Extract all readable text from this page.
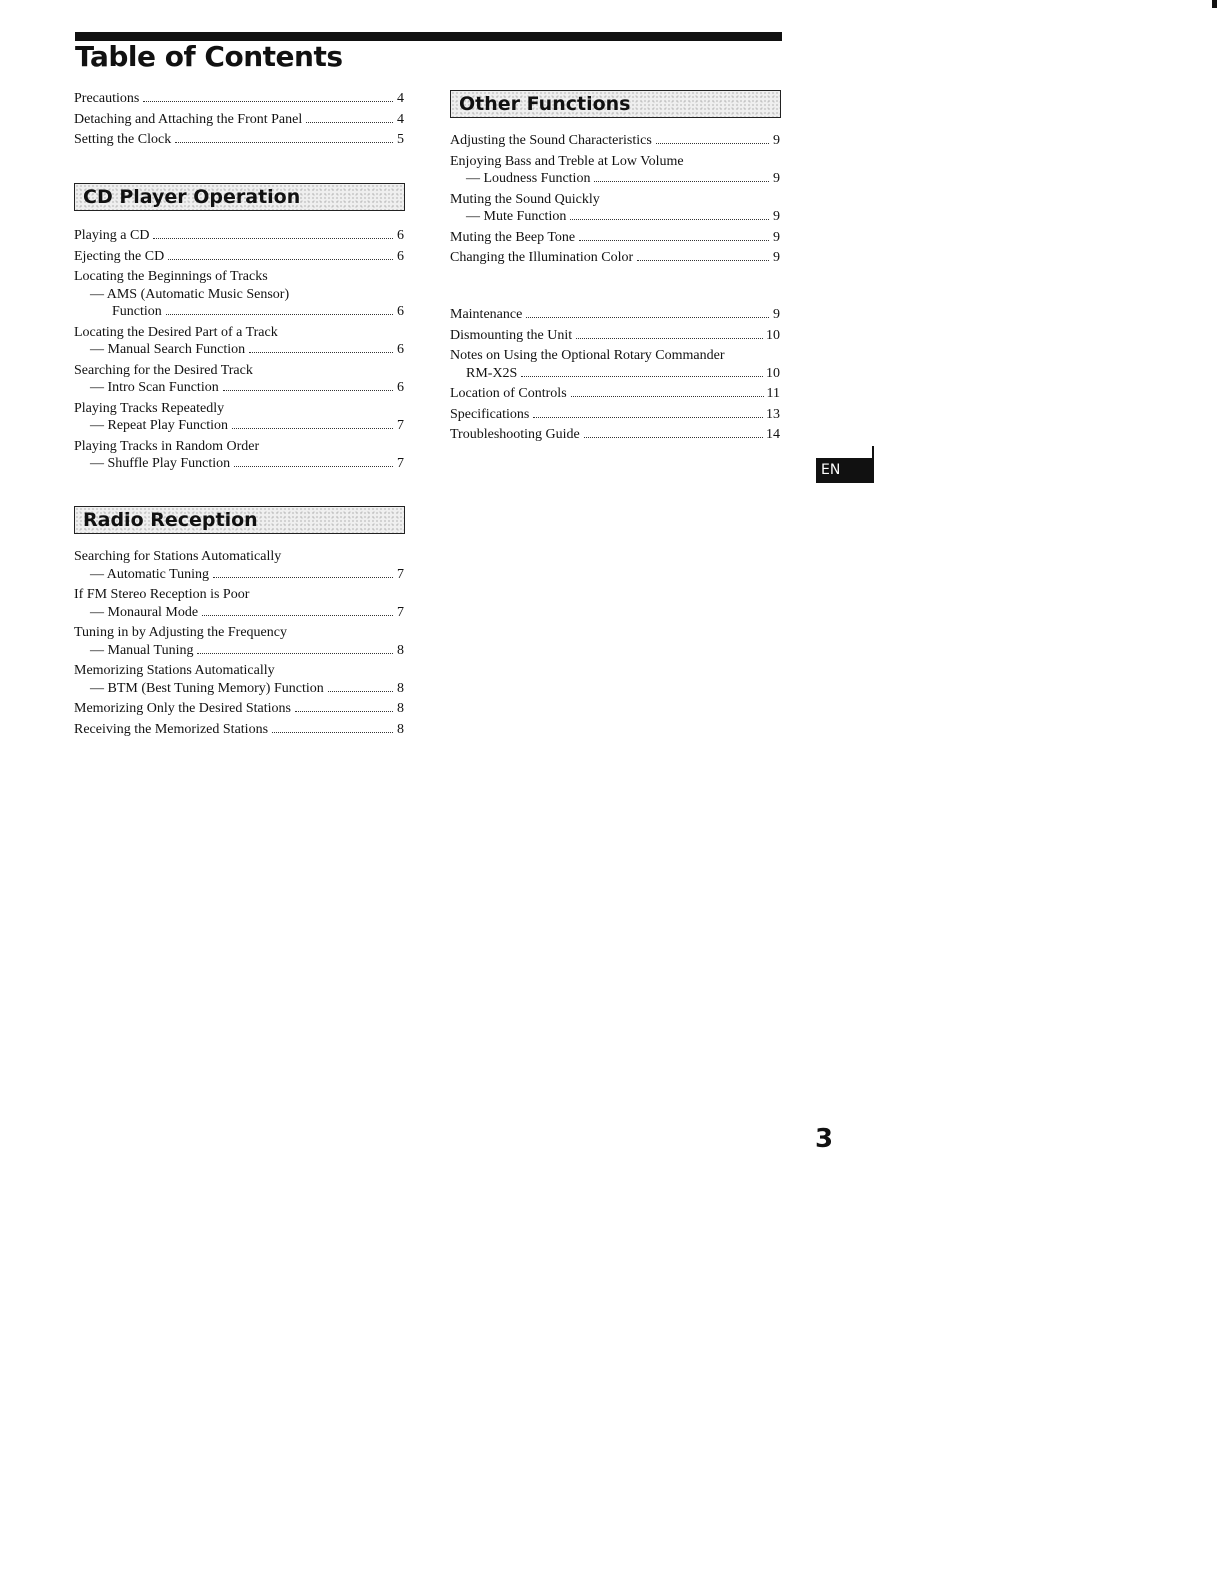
Table of Contents
Precautions	4
Detaching and Attaching the Front Panel	4
Setting the Clock	5
CD Player Operation
Playing a CD	6
Ejecting the CD	6
Locating the Beginnings of Tracks
— AMS (Automatic Music Sensor)
Function	6
Locating the Desired Part of a Track
— Manual Search Function	6
Searching for the Desired Track
— Intro Scan Function	6
Playing Tracks Repeatedly
— Repeat Play Function	7
Playing Tracks in Random Order
— Shuffle Play Function	7
Radio Reception
Searching for Stations Automatically
— Automatic Tuning	7
If FM Stereo Reception is Poor
— Monaural Mode	7
Tuning in by Adjusting the Frequency
— Manual Tuning	8
Memorizing Stations Automatically
— BTM (Best Tuning Memory) Function	8
Memorizing Only the Desired Stations	8
Receiving the Memorized Stations	8
Other Functions
Adjusting the Sound Characteristics	9
Enjoying Bass and Treble at Low Volume
— Loudness Function	9
Muting the Sound Quickly
— Mute Function	9
Muting the Beep Tone	9
Changing the Illumination Color	9
Maintenance	9
Dismounting the Unit	10
Notes on Using the Optional Rotary Commander
RM-X2S	10
Location of Controls	11
Specifications	13
Troubleshooting Guide	14
EN
3
